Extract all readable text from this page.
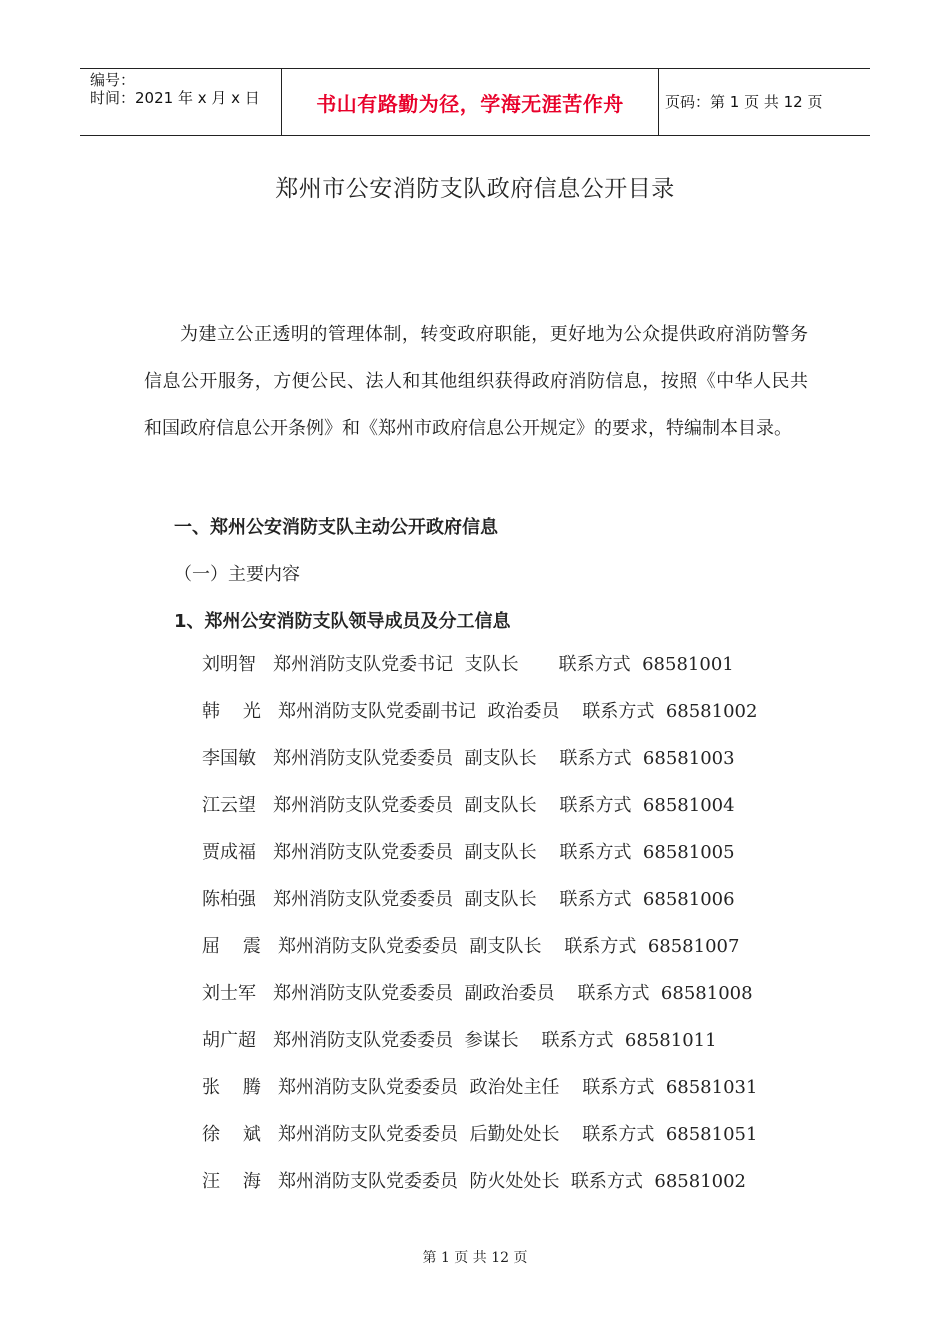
编号：
时间：2021 年 x 月 x 日	书山有路勤为径，学海无涯苦作舟	页码：第 1 页 共 12 页
郑州市公安消防支队政府信息公开目录

为建立公正透明的管理体制，转变政府职能，更好地为公众提供政府消防警务信息公开服务，方便公民、法人和其他组织获得政府消防信息，按照《中华人民共和国政府信息公开条例》和《郑州市政府信息公开规定》的要求，特编制本目录。

一、郑州公安消防支队主动公开政府信息
（一）主要内容
1、郑州公安消防支队领导成员及分工信息
刘明智   郑州消防支队党委书记  支队长       联系方式  68581001
韩    光   郑州消防支队党委副书记  政治委员    联系方式  68581002
李国敏   郑州消防支队党委委员  副支队长    联系方式  68581003
江云望   郑州消防支队党委委员  副支队长    联系方式  68581004
贾成福   郑州消防支队党委委员  副支队长    联系方式  68581005
陈柏强   郑州消防支队党委委员  副支队长    联系方式  68581006
屈    震   郑州消防支队党委委员  副支队长    联系方式  68581007
刘士军   郑州消防支队党委委员  副政治委员    联系方式  68581008
胡广超   郑州消防支队党委委员  参谋长    联系方式  68581011
张    腾   郑州消防支队党委委员  政治处主任    联系方式  68581031
徐    斌   郑州消防支队党委委员  后勤处处长    联系方式  68581051
汪    海   郑州消防支队党委委员  防火处处长  联系方式  68581002
第 1 页 共 12 页
